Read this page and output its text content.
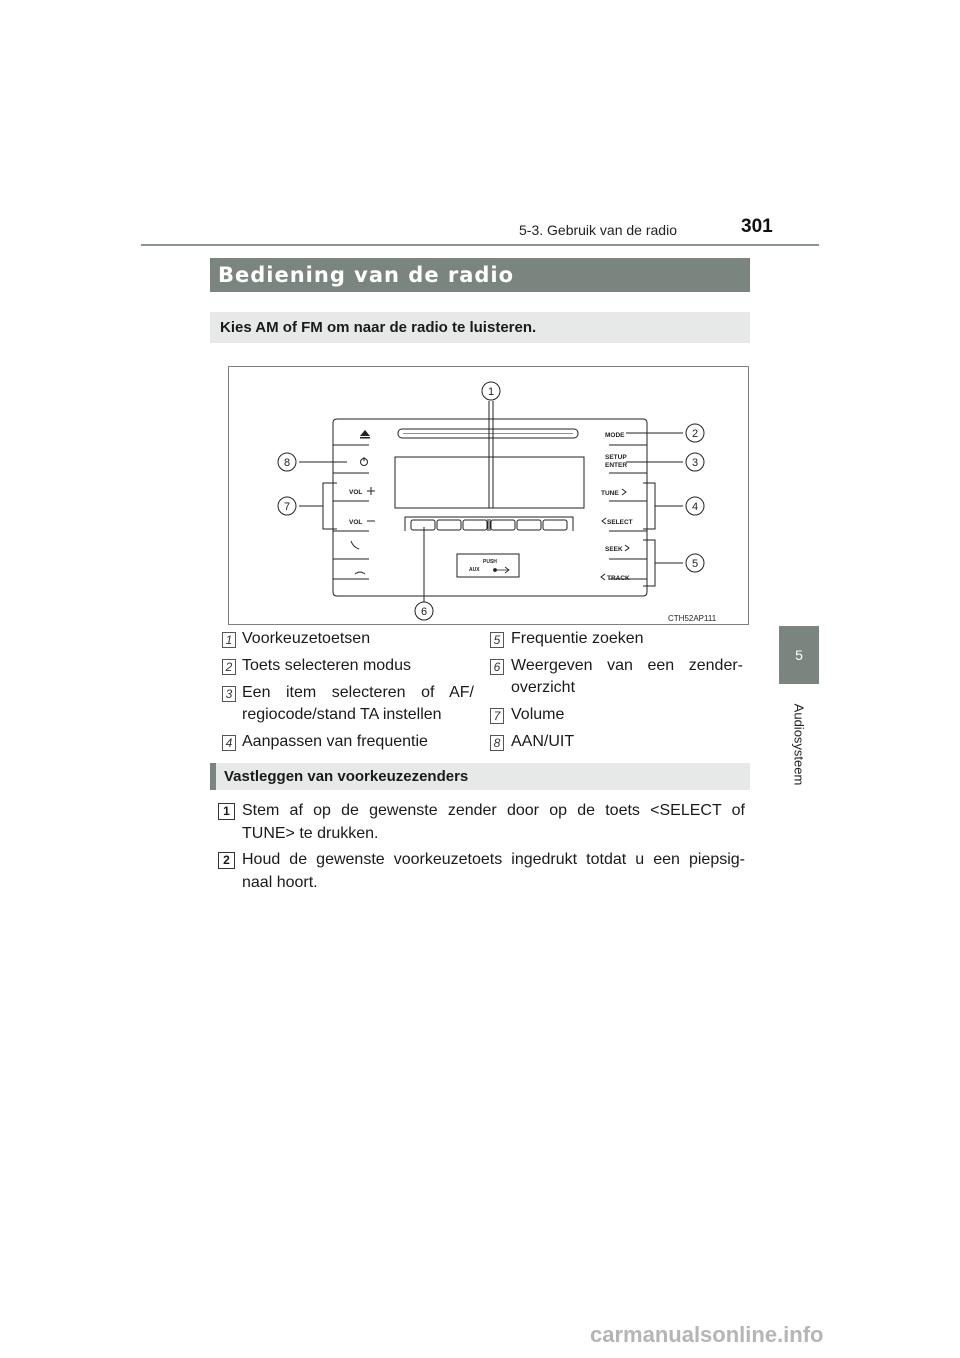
5-3. Gebruik van de radio	301
5
Audiosysteem
Bediening van de radio
Kies AM of FM om naar de radio te luisteren.
MODE
SETUP
ENTER
TUNE
SELECT
SEEK
TRACK
VOL
VOL
PUSH
AUX
1
2
3
4
5
6
7
8
CTH52AP111
1 Voorkeuzetoetsen
2 Toets selecteren modus
3 Een item selecteren of AF/
regiocode/stand TA instellen
4 Aanpassen van frequentie
5 Frequentie zoeken
6 Weergeven van een zender-
overzicht
7 Volume
8 AAN/UIT
Vastleggen van voorkeuzezenders
1 Stem af op de gewenste zender door op de toets <SELECT of
TUNE> te drukken.
2 Houd de gewenste voorkeuzetoets ingedrukt totdat u een piepsig-
naal hoort.
carmanualsonline.info
